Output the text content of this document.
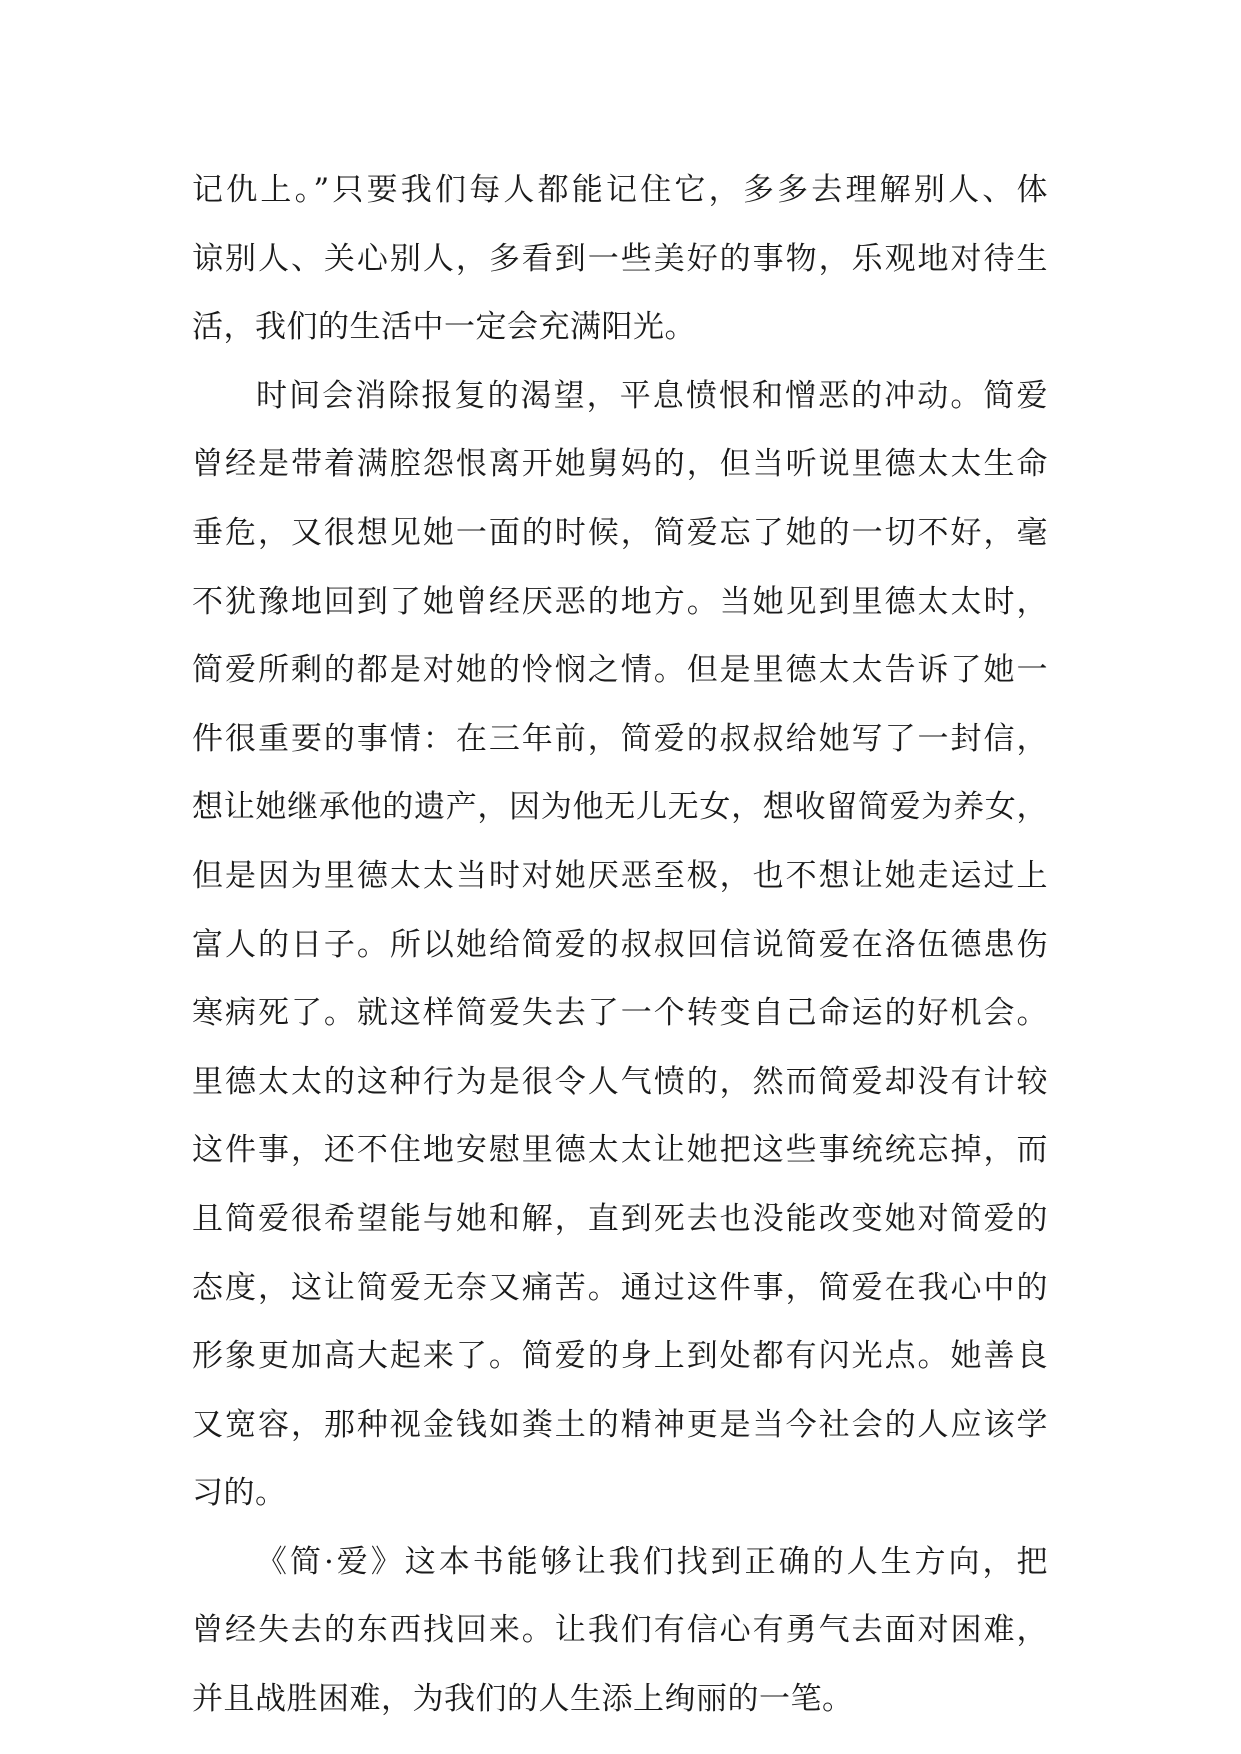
记仇上。”只要我们每人都能记住它，多多去理解别人、体
谅别人、关心别人，多看到一些美好的事物，乐观地对待生
活，我们的生活中一定会充满阳光。
时间会消除报复的渴望，平息愤恨和憎恶的冲动。简爱
曾经是带着满腔怨恨离开她舅妈的，但当听说里德太太生命
垂危，又很想见她一面的时候，简爱忘了她的一切不好，毫
不犹豫地回到了她曾经厌恶的地方。当她见到里德太太时，
简爱所剩的都是对她的怜悯之情。但是里德太太告诉了她一
件很重要的事情：在三年前，简爱的叔叔给她写了一封信，
想让她继承他的遗产，因为他无儿无女，想收留简爱为养女，
但是因为里德太太当时对她厌恶至极，也不想让她走运过上
富人的日子。所以她给简爱的叔叔回信说简爱在洛伍德患伤
寒病死了。就这样简爱失去了一个转变自己命运的好机会。
里德太太的这种行为是很令人气愤的，然而简爱却没有计较
这件事，还不住地安慰里德太太让她把这些事统统忘掉，而
且简爱很希望能与她和解，直到死去也没能改变她对简爱的
态度，这让简爱无奈又痛苦。通过这件事，简爱在我心中的
形象更加高大起来了。简爱的身上到处都有闪光点。她善良
又宽容，那种视金钱如粪土的精神更是当今社会的人应该学
习的。
《简·爱》这本书能够让我们找到正确的人生方向，把
曾经失去的东西找回来。让我们有信心有勇气去面对困难，
并且战胜困难，为我们的人生添上绚丽的一笔。
